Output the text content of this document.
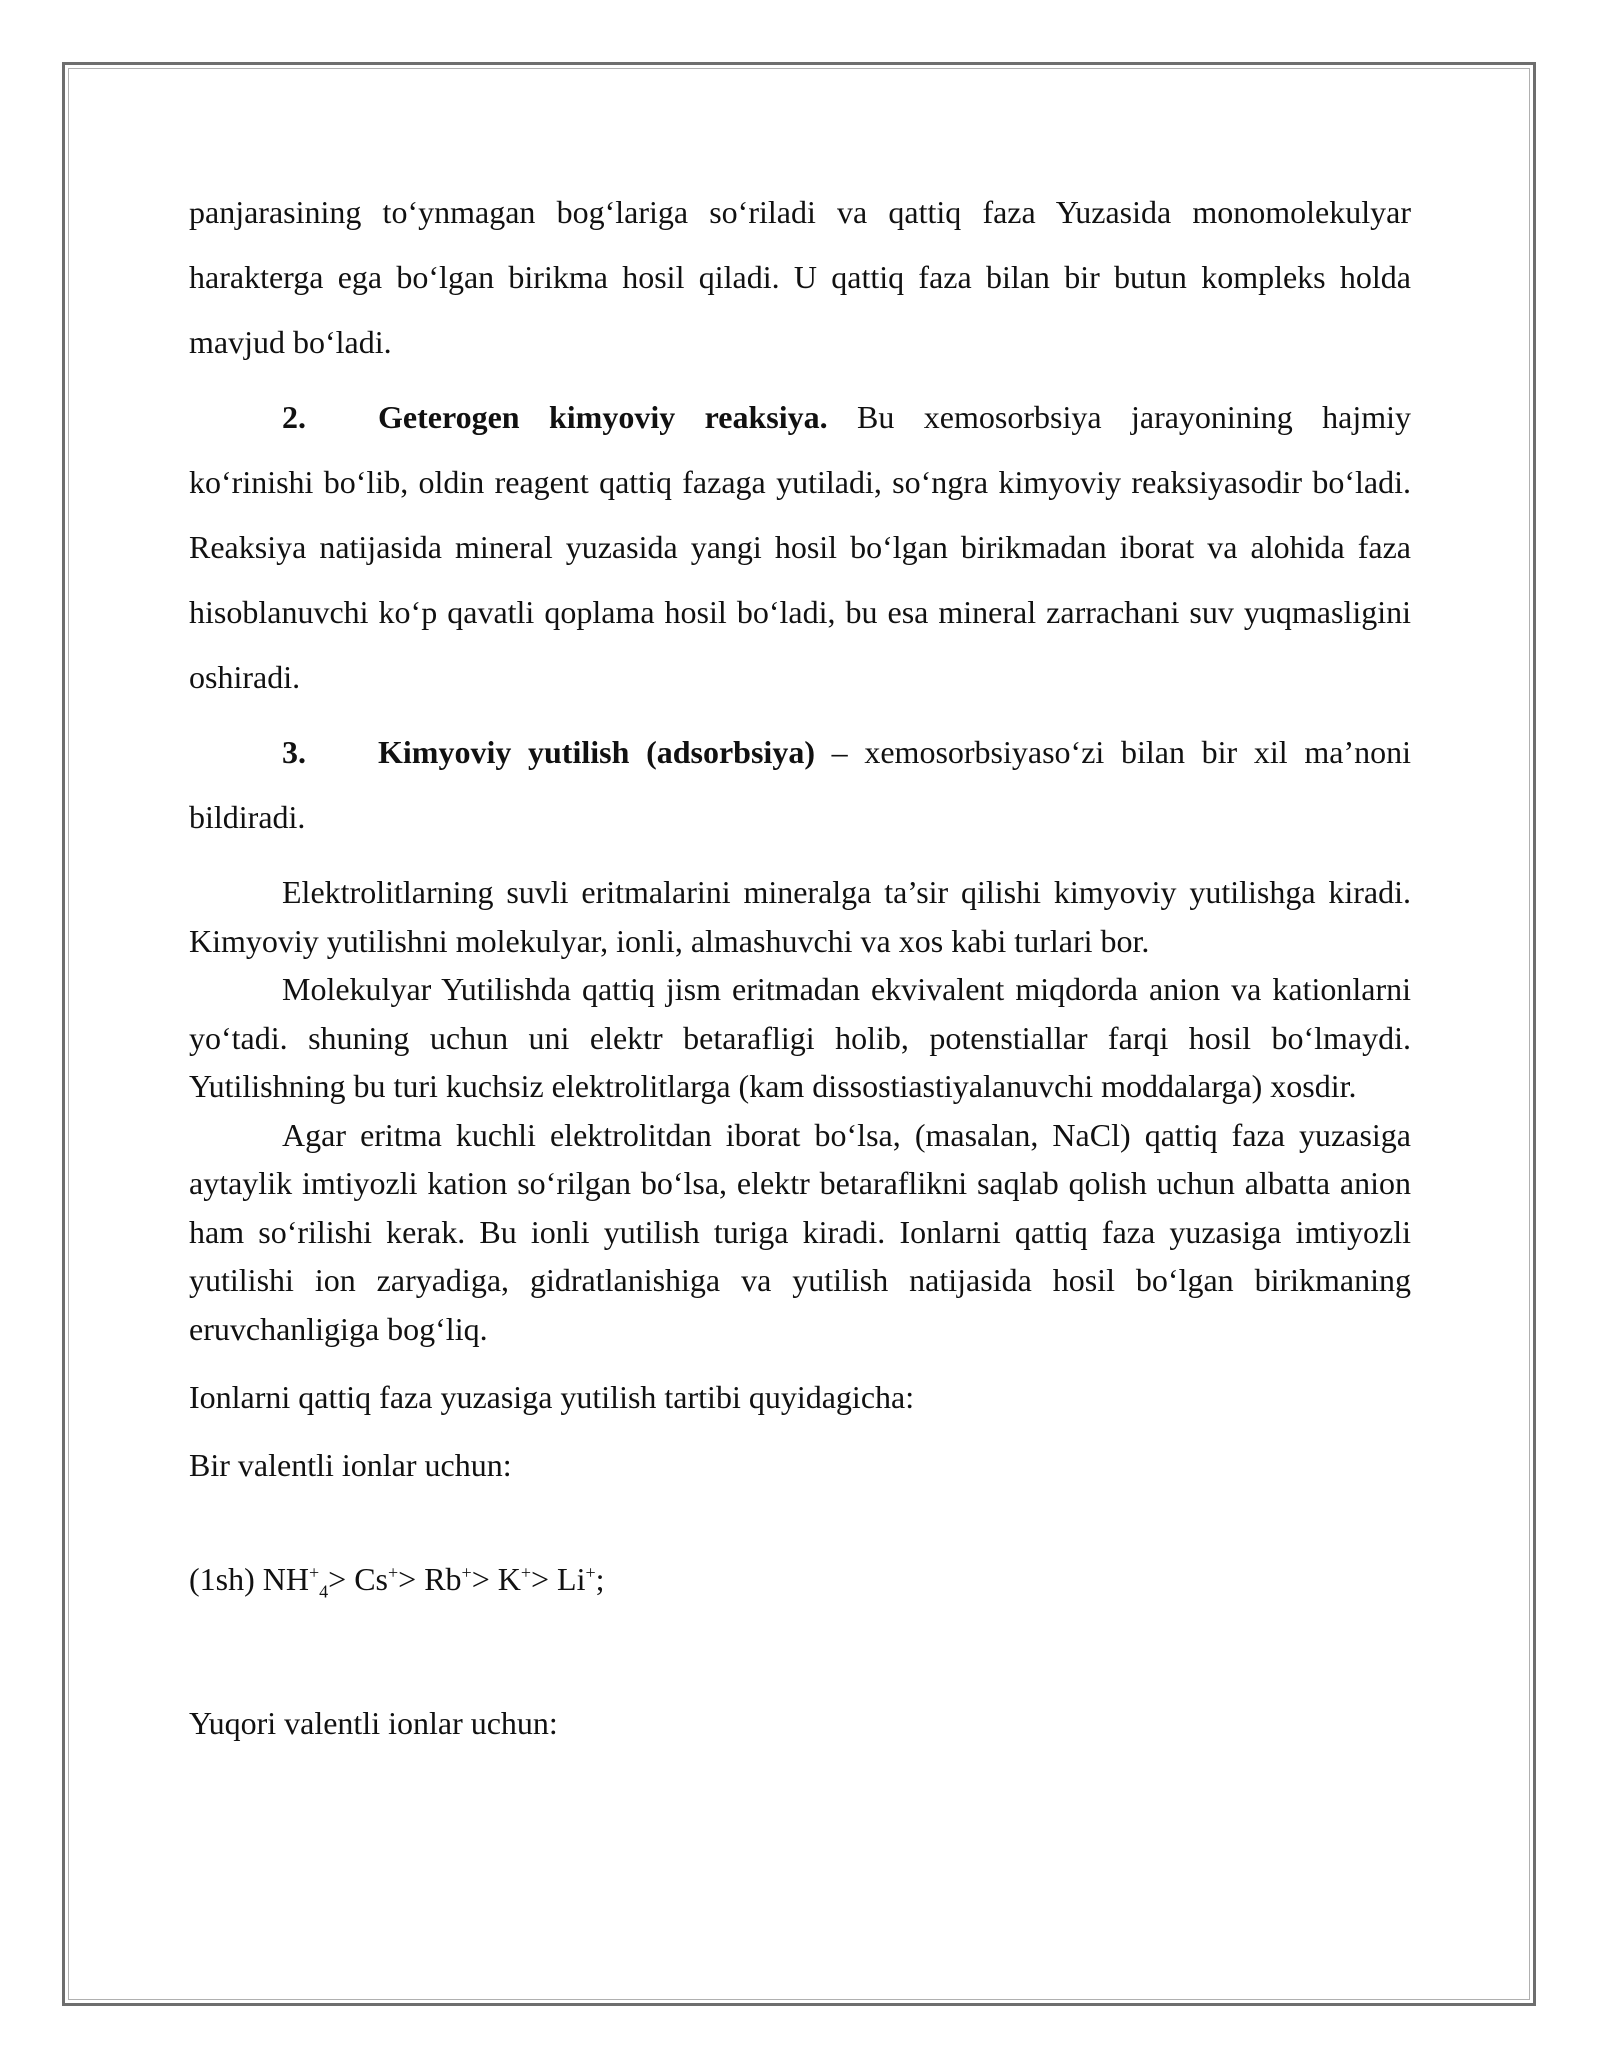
panjarasining to‘ynmagan bog‘lariga so‘riladi va qattiq faza Yuzasida monomolekulyar harakterga ega bo‘lgan birikma hosil qiladi. U qattiq faza bilan bir butun kompleks holda mavjud bo‘ladi.

2. Geterogen kimyoviy reaksiya. Bu xemosorbsiya jarayonining hajmiy ko‘rinishi bo‘lib, oldin reagent qattiq fazaga yutiladi, so‘ngra kimyoviy reaksiyasodir bo‘ladi. Reaksiya natijasida mineral yuzasida yangi hosil bo‘lgan birikmadan iborat va alohida faza hisoblanuvchi ko‘p qavatli qoplama hosil bo‘ladi, bu esa mineral zarrachani suv yuqmasligini oshiradi.

3. Kimyoviy yutilish (adsorbsiya) – xemosorbsiyaso‘zi bilan bir xil ma’noni bildiradi.

Elektrolitlarning suvli eritmalarini mineralga ta’sir qilishi kimyoviy yutilishga kiradi. Kimyoviy yutilishni molekulyar, ionli, almashuvchi va xos kabi turlari bor.

Molekulyar Yutilishda qattiq jism eritmadan ekvivalent miqdorda anion va kationlarni yo‘tadi. shuning uchun uni elektr betarafligi holib, potenstiallar farqi hosil bo‘lmaydi. Yutilishning bu turi kuchsiz elektrolitlarga (kam dissostiastiyalanuvchi moddalarga) xosdir.

Agar eritma kuchli elektrolitdan iborat bo‘lsa, (masalan, NaCl) qattiq faza yuzasiga aytaylik imtiyozli kation so‘rilgan bo‘lsa, elektr betaraflikni saqlab qolish uchun albatta anion ham so‘rilishi kerak. Bu ionli yutilish turiga kiradi. Ionlarni qattiq faza yuzasiga imtiyozli yutilishi ion zaryadiga, gidratlanishiga va yutilish natijasida hosil bo‘lgan birikmaning eruvchanligiga bog‘liq.

Ionlarni qattiq faza yuzasiga yutilish tartibi quyidagicha:

Bir valentli ionlar uchun:

(1sh) $NH^+_4> Cs^+> Rb^+> K^+> Li^+$;

Yuqori valentli ionlar uchun:
